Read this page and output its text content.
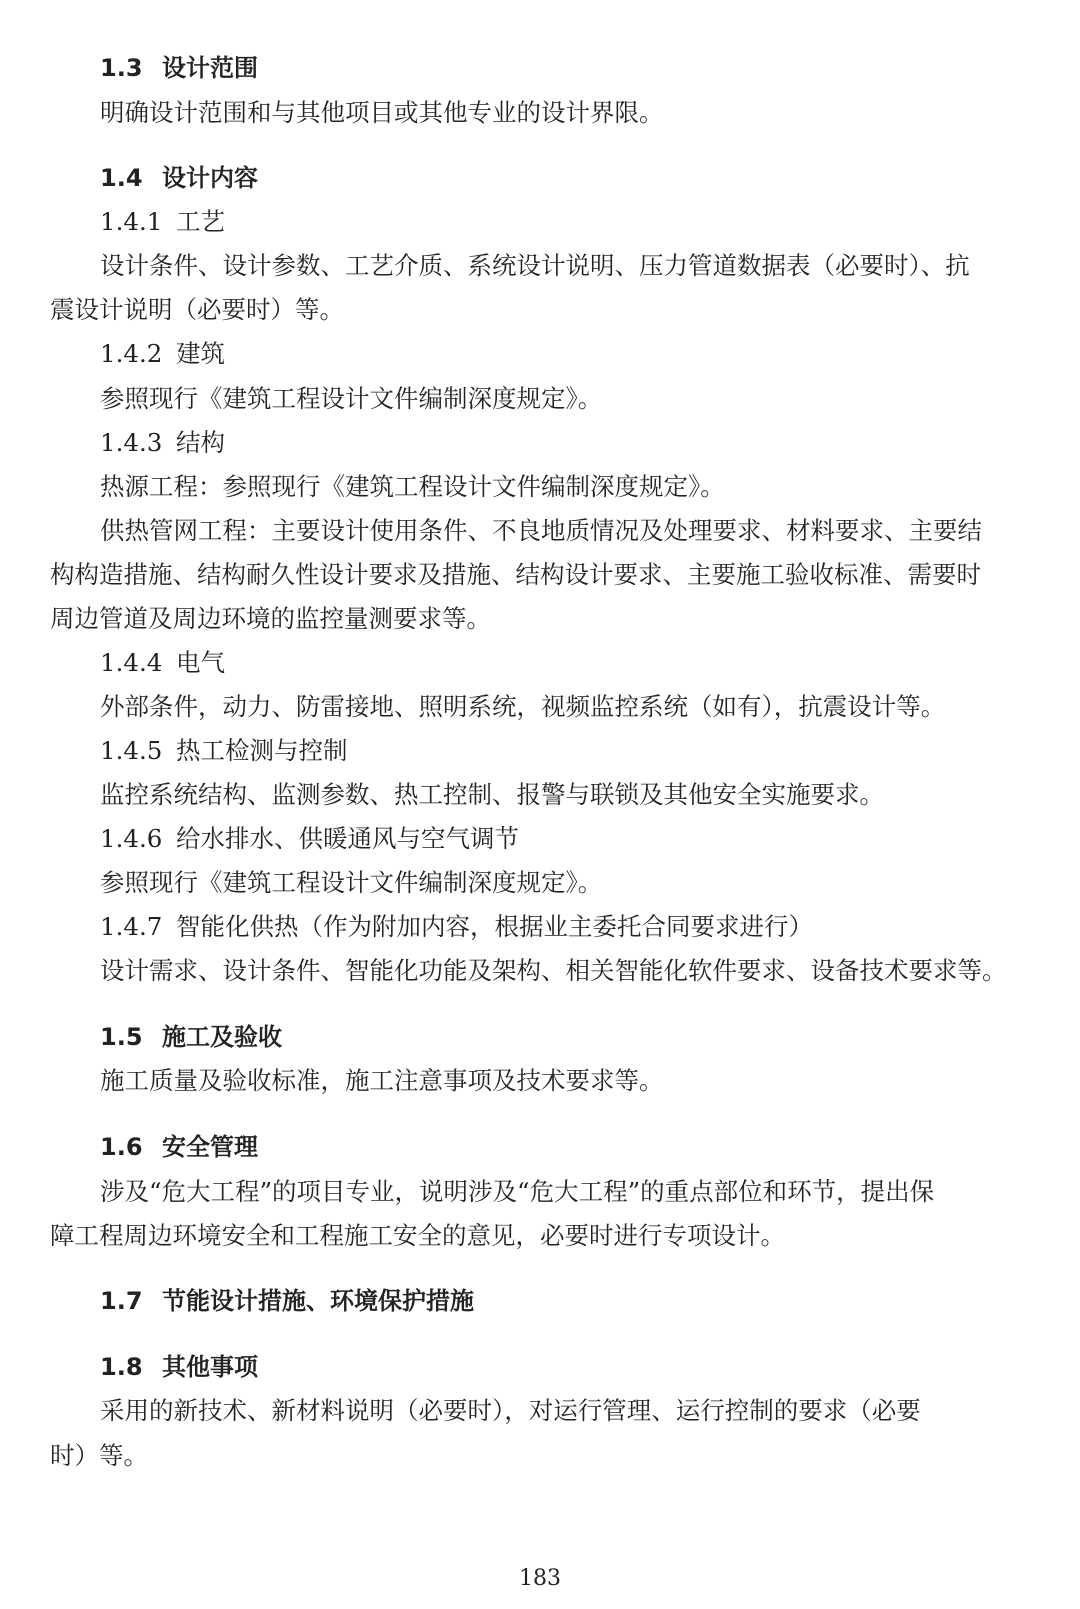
1.3 设计范围
明确设计范围和与其他项目或其他专业的设计界限。
1.4 设计内容
1.4.1 工艺
设计条件、设计参数、工艺介质、系统设计说明、压力管道数据表（必要时）、抗
震设计说明（必要时）等。
1.4.2 建筑
参照现行《建筑工程设计文件编制深度规定》。
1.4.3 结构
热源工程：参照现行《建筑工程设计文件编制深度规定》。
供热管网工程：主要设计使用条件、不良地质情况及处理要求、材料要求、主要结
构构造措施、结构耐久性设计要求及措施、结构设计要求、主要施工验收标准、需要时
周边管道及周边环境的监控量测要求等。
1.4.4 电气
外部条件，动力、防雷接地、照明系统，视频监控系统（如有），抗震设计等。
1.4.5 热工检测与控制
监控系统结构、监测参数、热工控制、报警与联锁及其他安全实施要求。
1.4.6 给水排水、供暖通风与空气调节
参照现行《建筑工程设计文件编制深度规定》。
1.4.7 智能化供热（作为附加内容，根据业主委托合同要求进行）
设计需求、设计条件、智能化功能及架构、相关智能化软件要求、设备技术要求等。
1.5 施工及验收
施工质量及验收标准，施工注意事项及技术要求等。
1.6 安全管理
涉及“危大工程”的项目专业，说明涉及“危大工程”的重点部位和环节，提出保
障工程周边环境安全和工程施工安全的意见，必要时进行专项设计。
1.7 节能设计措施、环境保护措施
1.8 其他事项
采用的新技术、新材料说明（必要时），对运行管理、运行控制的要求（必要
时）等。
183
